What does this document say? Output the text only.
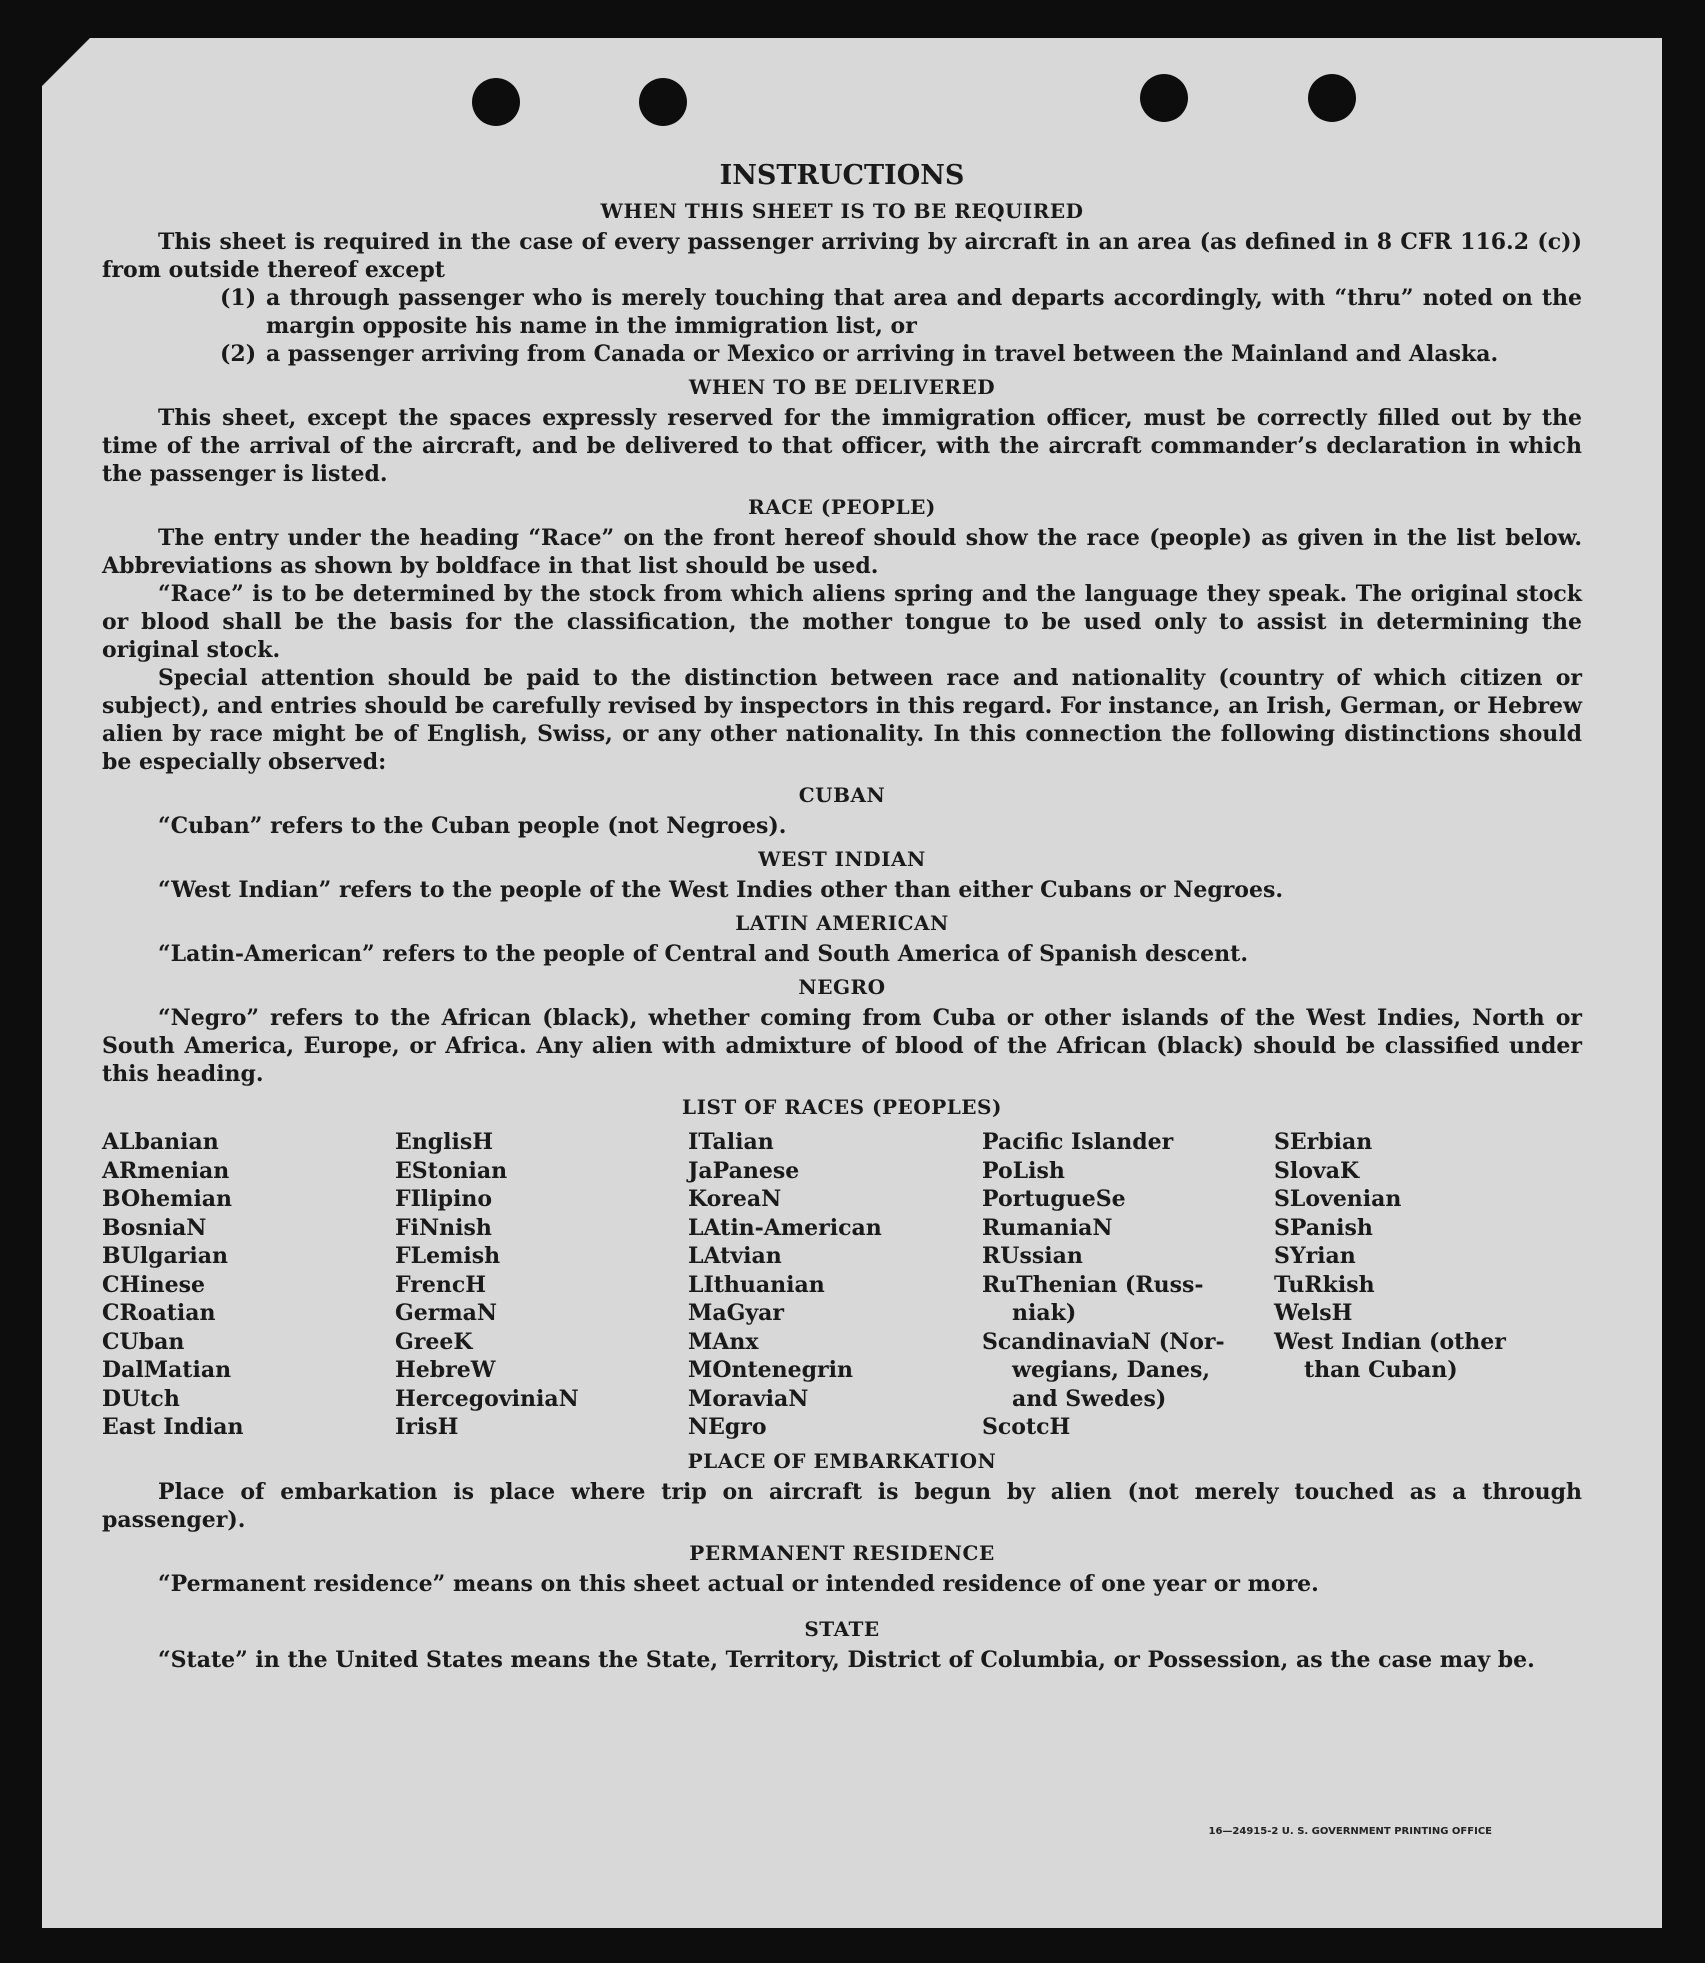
INSTRUCTIONS
WHEN THIS SHEET IS TO BE REQUIRED

This sheet is required in the case of every passenger arriving by aircraft in an area (as defined in 8 CFR 116.2 (c)) from outside thereof except

(1) a through passenger who is merely touching that area and departs accordingly, with “thru” noted on the margin opposite his name in the immigration list, or
(2) a passenger arriving from Canada or Mexico or arriving in travel between the Mainland and Alaska.
WHEN TO BE DELIVERED

This sheet, except the spaces expressly reserved for the immigration officer, must be correctly filled out by the time of the arrival of the aircraft, and be delivered to that officer, with the aircraft commander’s declaration in which the passenger is listed.

RACE (PEOPLE)

The entry under the heading “Race” on the front hereof should show the race (people) as given in the list below. Abbreviations as shown by boldface in that list should be used.

“Race” is to be determined by the stock from which aliens spring and the language they speak. The original stock or blood shall be the basis for the classification, the mother tongue to be used only to assist in determining the original stock.

Special attention should be paid to the distinction between race and nationality (country of which citizen or subject), and entries should be carefully revised by inspectors in this regard. For instance, an Irish, German, or Hebrew alien by race might be of English, Swiss, or any other nationality. In this connection the following distinctions should be especially observed:

CUBAN

“Cuban” refers to the Cuban people (not Negroes).

WEST INDIAN

“West Indian” refers to the people of the West Indies other than either Cubans or Negroes.

LATIN AMERICAN

“Latin-American” refers to the people of Central and South America of Spanish descent.

NEGRO

“Negro” refers to the African (black), whether coming from Cuba or other islands of the West Indies, North or South America, Europe, or Africa. Any alien with admixture of blood of the African (black) should be classified under this heading.

LIST OF RACES (PEOPLES)
ALbanian
ARmenian
BOhemian
BosniaN
BUlgarian
CHinese
CRoatian
CUban
DalMatian
DUtch
East Indian
EnglisH
EStonian
FIlipino
FiNnish
FLemish
FrencH
GermaN
GreeK
HebreW
HercegoviniaN
IrisH
ITalian
JaPanese
KoreaN
LAtin-American
LAtvian
LIthuanian
MaGyar
MAnx
MOntenegrin
MoraviaN
NEgro
Pacific Islander
PoLish
PortugueSe
RumaniaN
RUssian
RuThenian (Russ-
niak)
ScandinaviaN (Nor-
wegians, Danes,
and Swedes)
ScotcH
SErbian
SlovaK
SLovenian
SPanish
SYrian
TuRkish
WelsH
West Indian (other
than Cuban)
PLACE OF EMBARKATION

Place of embarkation is place where trip on aircraft is begun by alien (not merely touched as a through passenger).

PERMANENT RESIDENCE

“Permanent residence” means on this sheet actual or intended residence of one year or more.

STATE

“State” in the United States means the State, Territory, District of Columbia, or Possession, as the case may be.

16—24915-2 U. S. GOVERNMENT PRINTING OFFICE
